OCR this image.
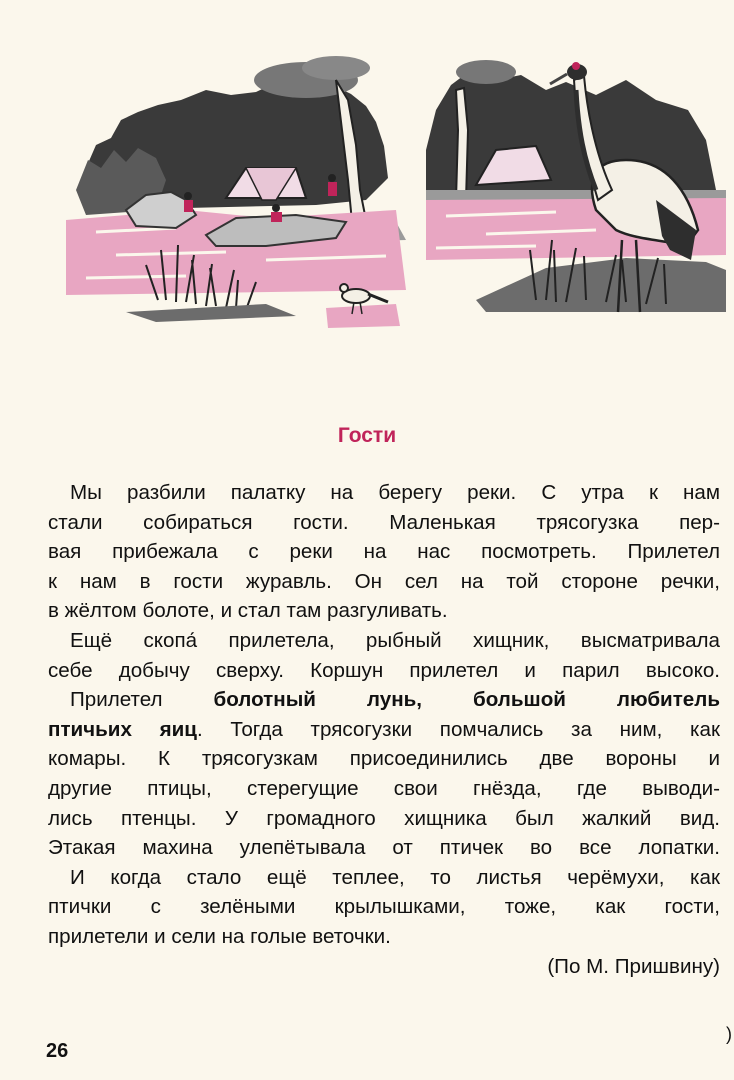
Гости
Мы разбили палатку на берегу реки. С утра к нам
стали собираться гости. Маленькая трясогузка пер-
вая прибежала с реки на нас посмотреть. Прилетел
к нам в гости журавль. Он сел на той стороне речки,
в жёлтом болоте, и стал там разгуливать.
Ещё скопа́ прилетела, рыбный хищник, высматривала
себе добычу сверху. Коршун прилетел и парил высоко.
Прилетел болотный лунь, большой любитель
птичьих яиц. Тогда трясогузки помчались за ним, как
комары. К трясогузкам присоединились две вороны и
другие птицы, стерегущие свои гнёзда, где выводи-
лись птенцы. У громадного хищника был жалкий вид.
Этакая махина улепётывала от птичек во все лопатки.
И когда стало ещё теплее, то листья черёмухи, как
птички с зелёными крылышками, тоже, как гости,
прилетели и сели на голые веточки.
(По М. Пришвину)
26
)
